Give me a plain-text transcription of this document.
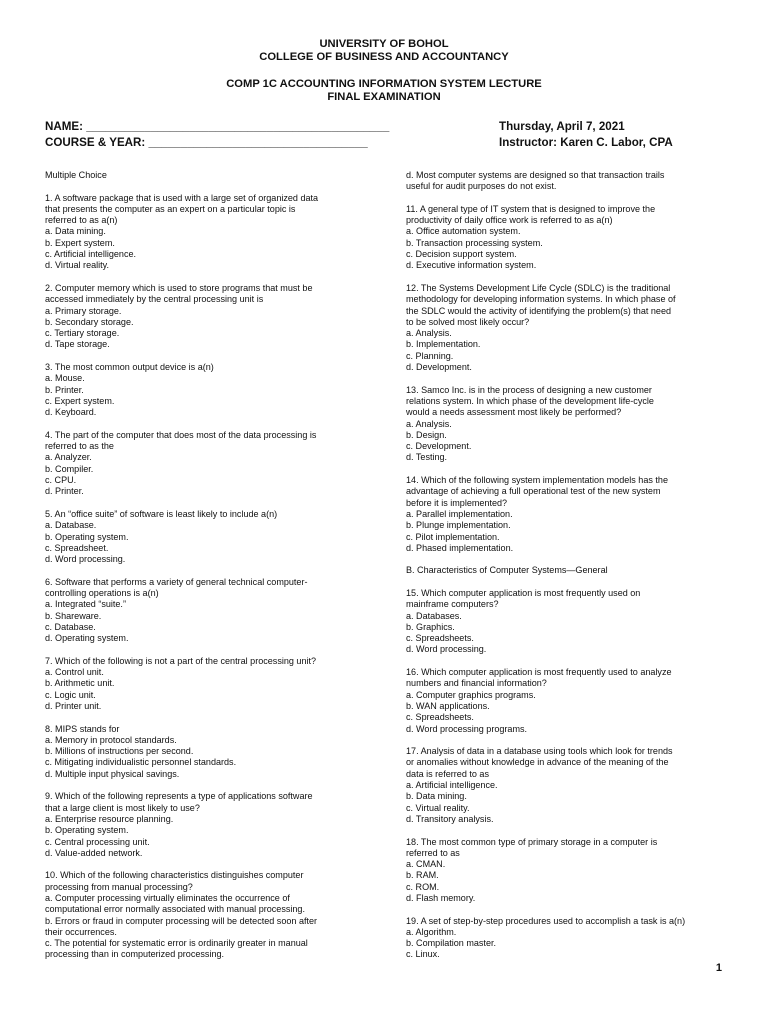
UNIVERSITY OF BOHOL
COLLEGE OF BUSINESS AND ACCOUNTANCY
COMP 1C ACCOUNTING INFORMATION SYSTEM LECTURE
FINAL EXAMINATION
NAME: _______________________________________________	Thursday, April 7, 2021
COURSE & YEAR: __________________________________	Instructor: Karen C. Labor, CPA

Multiple Choice

1. A software package that is used with a large set of organized data

that presents the computer as an expert on a particular topic is

referred to as a(n)

a. Data mining.

b. Expert system.

c. Artificial intelligence.

d. Virtual reality.

2. Computer memory which is used to store programs that must be

accessed immediately by the central processing unit is

a. Primary storage.

b. Secondary storage.

c. Tertiary storage.

d. Tape storage.

3. The most common output device is a(n)

a. Mouse.

b. Printer.

c. Expert system.

d. Keyboard.

4. The part of the computer that does most of the data processing is

referred to as the

a. Analyzer.

b. Compiler.

c. CPU.

d. Printer.

5. An “office suite” of software is least likely to include a(n)

a. Database.

b. Operating system.

c. Spreadsheet.

d. Word processing.

6. Software that performs a variety of general technical computer-

controlling operations is a(n)

a. Integrated “suite.”

b. Shareware.

c. Database.

d. Operating system.

7. Which of the following is not a part of the central processing unit?

a. Control unit.

b. Arithmetic unit.

c. Logic unit.

d. Printer unit.

8. MIPS stands for

a. Memory in protocol standards.

b. Millions of instructions per second.

c. Mitigating individualistic personnel standards.

d. Multiple input physical savings.

9. Which of the following represents a type of applications software

that a large client is most likely to use?

a. Enterprise resource planning.

b. Operating system.

c. Central processing unit.

d. Value-added network.

10. Which of the following characteristics distinguishes computer

processing from manual processing?

a. Computer processing virtually eliminates the occurrence of

computational error normally associated with manual processing.

b. Errors or fraud in computer processing will be detected soon after

their occurrences.

c. The potential for systematic error is ordinarily greater in manual

processing than in computerized processing.

d. Most computer systems are designed so that transaction trails

useful for audit purposes do not exist.

11. A general type of IT system that is designed to improve the

productivity of daily office work is referred to as a(n)

a. Office automation system.

b. Transaction processing system.

c. Decision support system.

d. Executive information system.

12. The Systems Development Life Cycle (SDLC) is the traditional

methodology for developing information systems. In which phase of

the SDLC would the activity of identifying the problem(s) that need

to be solved most likely occur?

a. Analysis.

b. Implementation.

c. Planning.

d. Development.

13. Samco Inc. is in the process of designing a new customer

relations system. In which phase of the development life-cycle

would a needs assessment most likely be performed?

a. Analysis.

b. Design.

c. Development.

d. Testing.

14. Which of the following system implementation models has the

advantage of achieving a full operational test of the new system

before it is implemented?

a. Parallel implementation.

b. Plunge implementation.

c. Pilot implementation.

d. Phased implementation.

B. Characteristics of Computer Systems—General

15. Which computer application is most frequently used on

mainframe computers?

a. Databases.

b. Graphics.

c. Spreadsheets.

d. Word processing.

16. Which computer application is most frequently used to analyze

numbers and financial information?

a. Computer graphics programs.

b. WAN applications.

c. Spreadsheets.

d. Word processing programs.

17. Analysis of data in a database using tools which look for trends

or anomalies without knowledge in advance of the meaning of the

data is referred to as

a. Artificial intelligence.

b. Data mining.

c. Virtual reality.

d. Transitory analysis.

18. The most common type of primary storage in a computer is

referred to as

a. CMAN.

b. RAM.

c. ROM.

d. Flash memory.

19. A set of step-by-step procedures used to accomplish a task is a(n)

a. Algorithm.

b. Compilation master.

c. Linux.

1
